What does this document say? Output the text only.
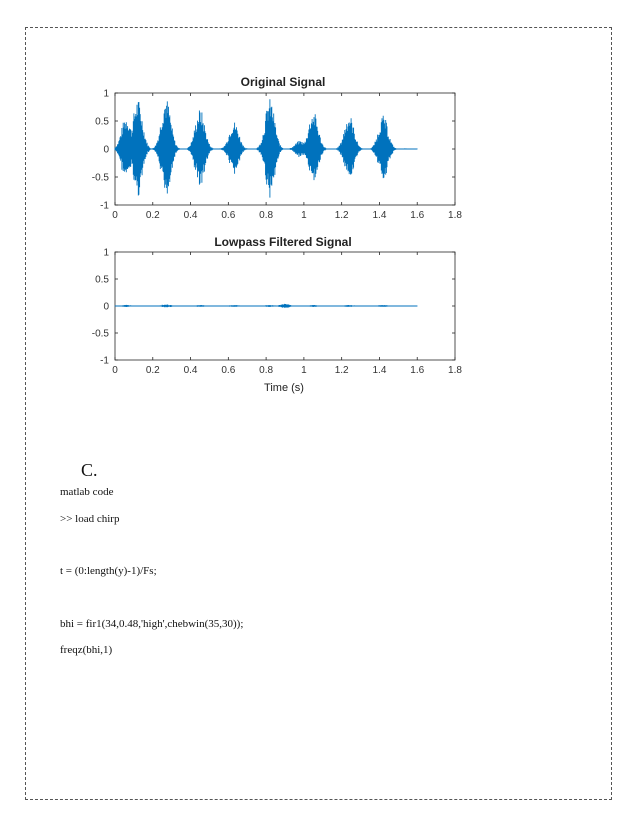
Original Signal
0	0.2 0.4 0.6 0.8	1	1.2 1.4 1.6 1.8
1
0.5
0
-0.5
-1
Lowpass Filtered Signal
Time (s)
0	0.2 0.4 0.6 0.8	1	1.2 1.4 1.6 1.8
1
0.5
0
-0.5
-1
C.
matlab code
>> load chirp
t = (0:length(y)-1)/Fs;
bhi = fir1(34,0.48,'high',chebwin(35,30));
freqz(bhi,1)
